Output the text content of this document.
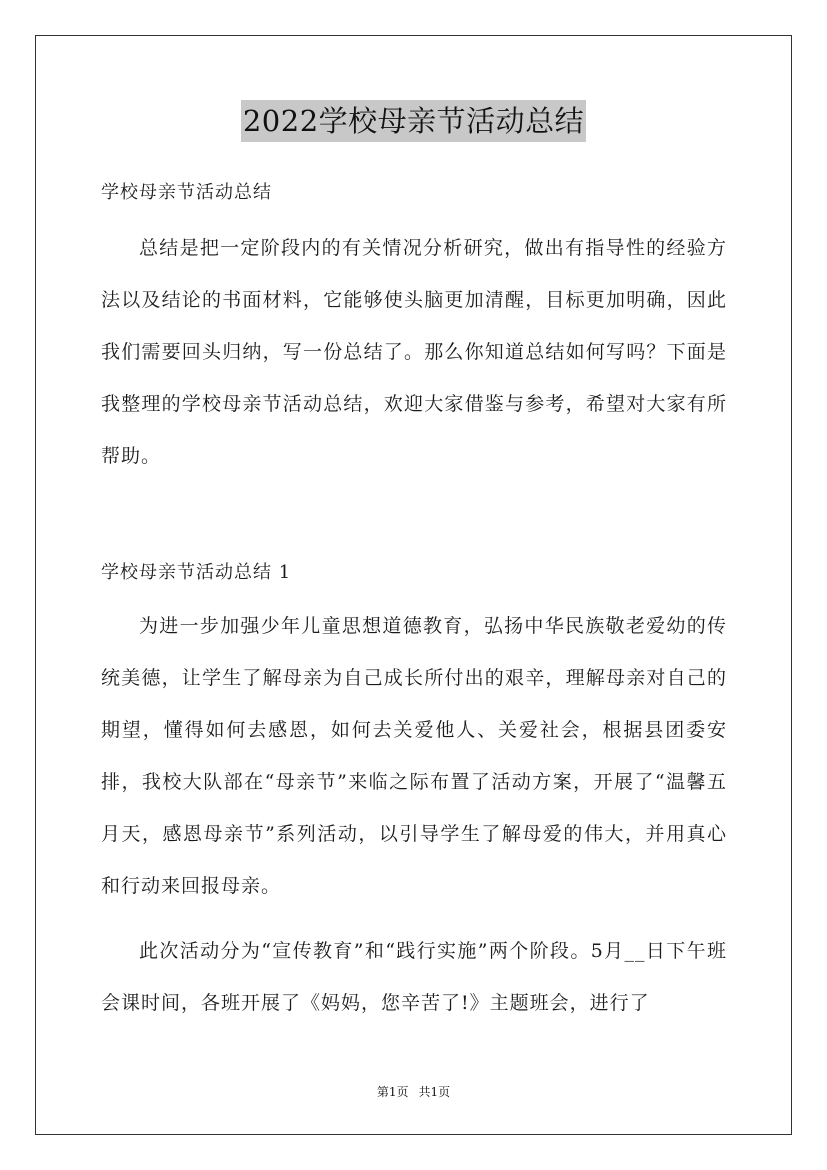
2022学校母亲节活动总结
学校母亲节活动总结
总结是把一定阶段内的有关情况分析研究，做出有指导性的经验方法以及结论的书面材料，它能够使头脑更加清醒，目标更加明确，因此我们需要回头归纳，写一份总结了。那么你知道总结如何写吗？下面是我整理的学校母亲节活动总结，欢迎大家借鉴与参考，希望对大家有所帮助。
学校母亲节活动总结 1
为进一步加强少年儿童思想道德教育，弘扬中华民族敬老爱幼的传统美德，让学生了解母亲为自己成长所付出的艰辛，理解母亲对自己的期望，懂得如何去感恩，如何去关爱他人、关爱社会，根据县团委安排，我校大队部在“母亲节”来临之际布置了活动方案，开展了“温馨五月天，感恩母亲节”系列活动，以引导学生了解母爱的伟大，并用真心和行动来回报母亲。
此次活动分为“宣传教育”和“践行实施”两个阶段。5月__日下午班会课时间，各班开展了《妈妈，您辛苦了!》主题班会，进行了
第1页 共1页
